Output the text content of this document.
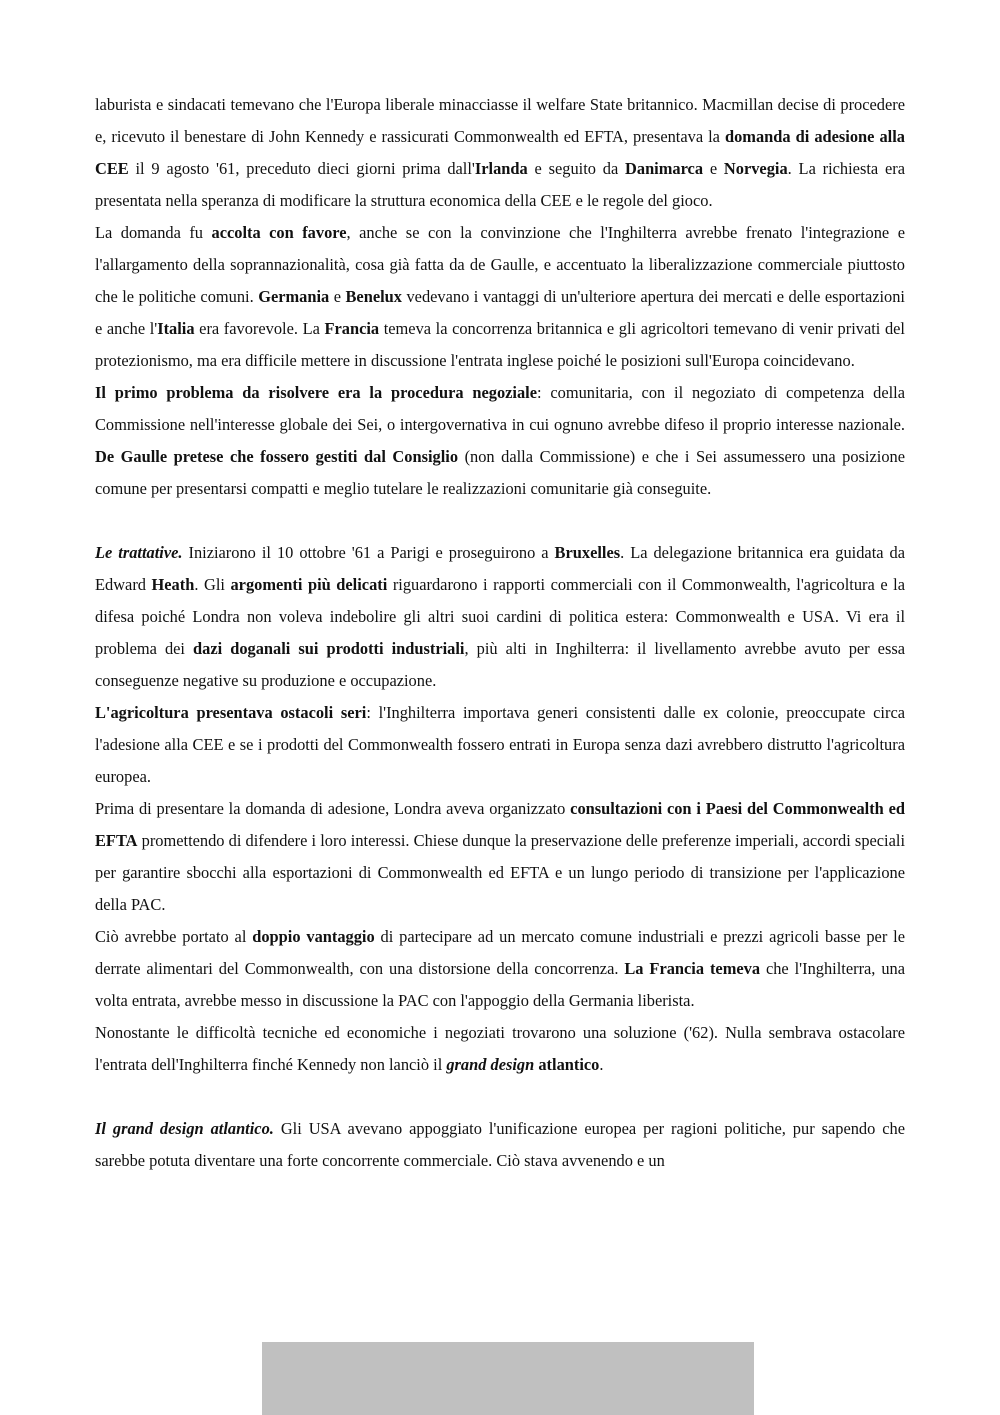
laburista e sindacati temevano che l'Europa liberale minacciasse il welfare State britannico. Macmillan decise di procedere e, ricevuto il benestare di John Kennedy e rassicurati Commonwealth ed EFTA, presentava la domanda di adesione alla CEE il 9 agosto '61, preceduto dieci giorni prima dall'Irlanda e seguito da Danimarca e Norvegia. La richiesta era presentata nella speranza di modificare la struttura economica della CEE e le regole del gioco.

La domanda fu accolta con favore, anche se con la convinzione che l'Inghilterra avrebbe frenato l'integrazione e l'allargamento della soprannazionalità, cosa già fatta da de Gaulle, e accentuato la liberalizzazione commerciale piuttosto che le politiche comuni. Germania e Benelux vedevano i vantaggi di un'ulteriore apertura dei mercati e delle esportazioni e anche l'Italia era favorevole. La Francia temeva la concorrenza britannica e gli agricoltori temevano di venir privati del protezionismo, ma era difficile mettere in discussione l'entrata inglese poiché le posizioni sull'Europa coincidevano.

Il primo problema da risolvere era la procedura negoziale: comunitaria, con il negoziato di competenza della Commissione nell'interesse globale dei Sei, o intergovernativa in cui ognuno avrebbe difeso il proprio interesse nazionale. De Gaulle pretese che fossero gestiti dal Consiglio (non dalla Commissione) e che i Sei assumessero una posizione comune per presentarsi compatti e meglio tutelare le realizzazioni comunitarie già conseguite.

Le trattative. Iniziarono il 10 ottobre '61 a Parigi e proseguirono a Bruxelles. La delegazione britannica era guidata da Edward Heath. Gli argomenti più delicati riguardarono i rapporti commerciali con il Commonwealth, l'agricoltura e la difesa poiché Londra non voleva indebolire gli altri suoi cardini di politica estera: Commonwealth e USA. Vi era il problema dei dazi doganali sui prodotti industriali, più alti in Inghilterra: il livellamento avrebbe avuto per essa conseguenze negative su produzione e occupazione.

L'agricoltura presentava ostacoli seri: l'Inghilterra importava generi consistenti dalle ex colonie, preoccupate circa l'adesione alla CEE e se i prodotti del Commonwealth fossero entrati in Europa senza dazi avrebbero distrutto l'agricoltura europea.

Prima di presentare la domanda di adesione, Londra aveva organizzato consultazioni con i Paesi del Commonwealth ed EFTA promettendo di difendere i loro interessi. Chiese dunque la preservazione delle preferenze imperiali, accordi speciali per garantire sbocchi alla esportazioni di Commonwealth ed EFTA e un lungo periodo di transizione per l'applicazione della PAC.

Ciò avrebbe portato al doppio vantaggio di partecipare ad un mercato comune industriali e prezzi agricoli basse per le derrate alimentari del Commonwealth, con una distorsione della concorrenza. La Francia temeva che l'Inghilterra, una volta entrata, avrebbe messo in discussione la PAC con l'appoggio della Germania liberista.

Nonostante le difficoltà tecniche ed economiche i negoziati trovarono una soluzione ('62). Nulla sembrava ostacolare l'entrata dell'Inghilterra finché Kennedy non lanciò il grand design atlantico.

Il grand design atlantico. Gli USA avevano appoggiato l'unificazione europea per ragioni politiche, pur sapendo che sarebbe potuta diventare una forte concorrente commerciale. Ciò stava avvenendo e un
